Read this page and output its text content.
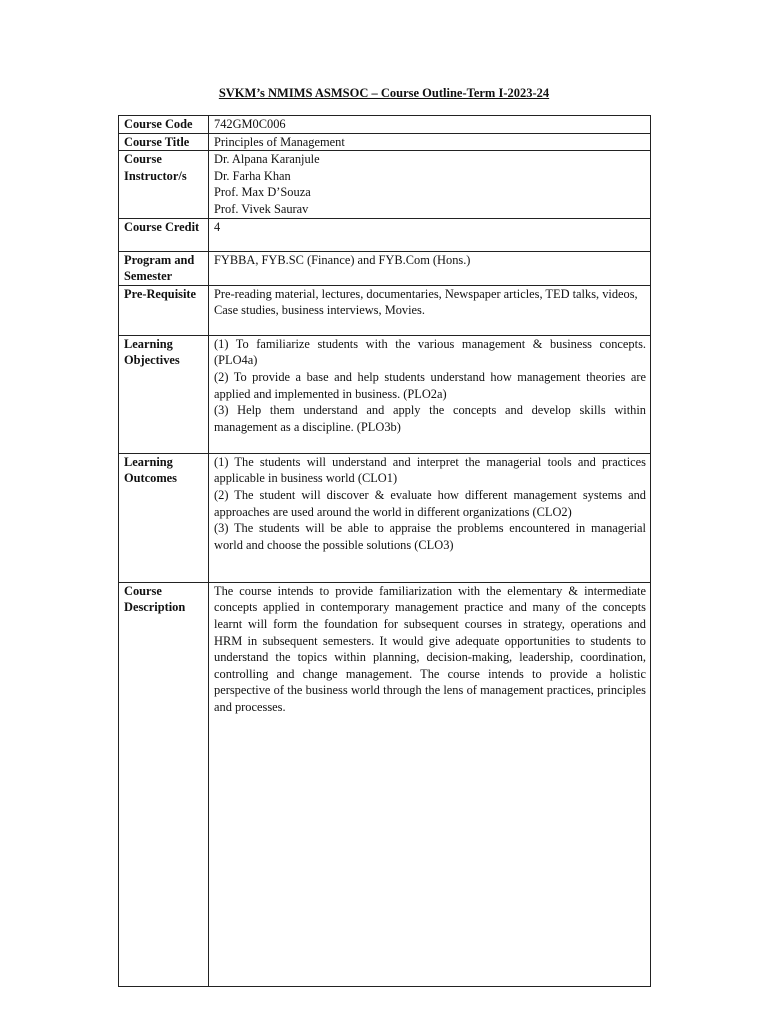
SVKM’s NMIMS ASMSOC – Course Outline-Term I-2023-24
Course Code	742GM0C006
Course Title	Principles of Management
Course Instructor/s	Dr. Alpana Karanjule
Dr. Farha Khan
Prof. Max D’Souza
Prof. Vivek Saurav

Course Credit	4
Program and Semester	FYBBA, FYB.SC (Finance) and FYB.Com (Hons.)
Pre-Requisite	Pre-reading material, lectures, documentaries, Newspaper articles, TED talks, videos, Case studies, business interviews, Movies.
Learning Objectives	(1) To familiarize students with the various management & business concepts. (PLO4a)
(2) To provide a base and help students understand how management theories are applied and implemented in business. (PLO2a)
(3) Help them understand and apply the concepts and develop skills within management as a discipline. (PLO3b)

Learning Outcomes	(1) The students will understand and interpret the managerial tools and practices applicable in business world (CLO1)
(2) The student will discover & evaluate how different management systems and approaches are used around the world in different organizations (CLO2)
(3) The students will be able to appraise the problems encountered in managerial world and choose the possible solutions (CLO3)

Course Description	The course intends to provide familiarization with the elementary & intermediate concepts applied in contemporary management practice and many of the concepts learnt will form the foundation for subsequent courses in strategy, operations and HRM in subsequent semesters. It would give adequate opportunities to students to understand the topics within planning, decision-making, leadership, coordination, controlling and change management. The course intends to provide a holistic perspective of the business world through the lens of management practices, principles and processes.
